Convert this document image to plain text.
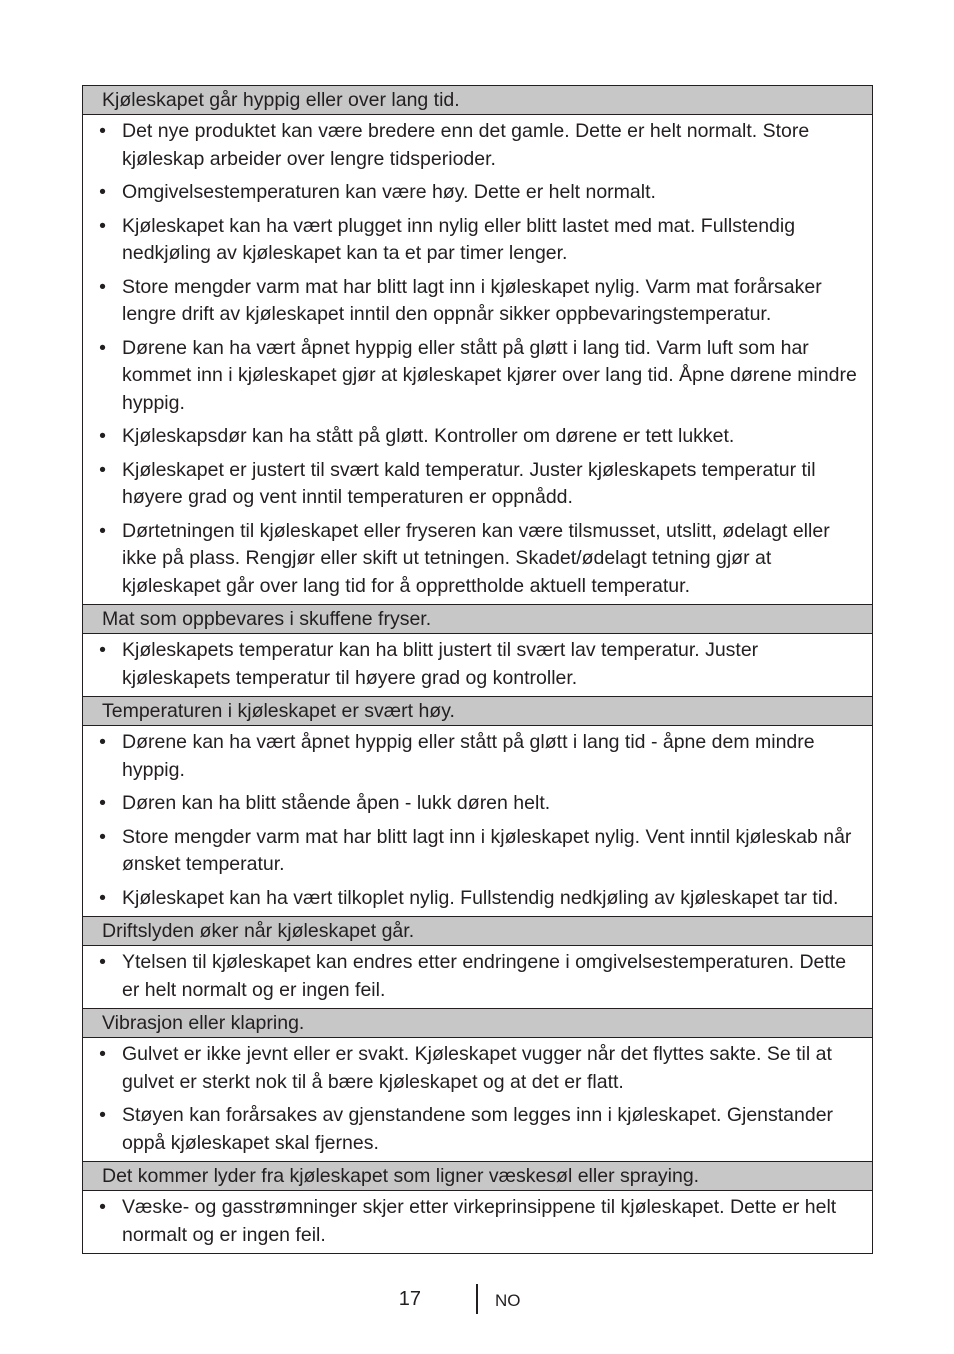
Kjøleskapet går hyppig eller over lang tid.
• Det nye produktet kan være bredere enn det gamle. Dette er helt normalt. Store kjøleskap arbeider over lengre tidsperioder.
• Omgivelsestemperaturen kan være høy. Dette er helt normalt.
• Kjøleskapet kan ha vært plugget inn nylig eller blitt lastet med mat. Fullstendig nedkjøling av kjøleskapet kan ta et par timer lenger.
• Store mengder varm mat har blitt lagt inn i kjøleskapet nylig. Varm mat forårsaker lengre drift av kjøleskapet inntil den oppnår sikker oppbevaringstemperatur.
• Dørene kan ha vært åpnet hyppig eller stått på gløtt i lang tid. Varm luft som har kommet inn i kjøleskapet gjør at kjøleskapet kjører over lang tid. Åpne dørene mindre hyppig.
• Kjøleskapsdør kan ha stått på gløtt. Kontroller om dørene er tett lukket.
• Kjøleskapet er justert til svært kald temperatur. Juster kjøleskapets temperatur til høyere grad og vent inntil temperaturen er oppnådd.
• Dørtetningen til kjøleskapet eller fryseren kan være tilsmusset, utslitt, ødelagt eller ikke på plass. Rengjør eller skift ut tetningen. Skadet/ødelagt tetning gjør at kjøleskapet går over lang tid for å opprettholde aktuell temperatur.
Mat som oppbevares i skuffene fryser.
• Kjøleskapets temperatur kan ha blitt justert til svært lav temperatur. Juster kjøleskapets temperatur til høyere grad og kontroller.
Temperaturen i kjøleskapet er svært høy.
• Dørene kan ha vært åpnet hyppig eller stått på gløtt i lang tid - åpne dem mindre hyppig.
• Døren kan ha blitt stående åpen - lukk døren helt.
• Store mengder varm mat har blitt lagt inn i kjøleskapet nylig. Vent inntil kjøleskab når ønsket temperatur.
• Kjøleskapet kan ha vært tilkoplet nylig. Fullstendig nedkjøling av kjøleskapet tar tid.
Driftslyden øker når kjøleskapet går.
• Ytelsen til kjøleskapet kan endres etter endringene i omgivelsestemperaturen. Dette er helt normalt og er ingen feil.
Vibrasjon eller klapring.
• Gulvet er ikke jevnt eller er svakt. Kjøleskapet vugger når det flyttes sakte. Se til at gulvet er sterkt nok til å bære kjøleskapet og at det er flatt.
• Støyen kan forårsakes av gjenstandene som legges inn i kjøleskapet. Gjenstander oppå kjøleskapet skal fjernes.
Det kommer lyder fra kjøleskapet som ligner væskesøl eller spraying.
• Væske- og gasstrømninger skjer etter virkeprinsippene til kjøleskapet. Dette er helt normalt og er ingen feil.
17	NO
